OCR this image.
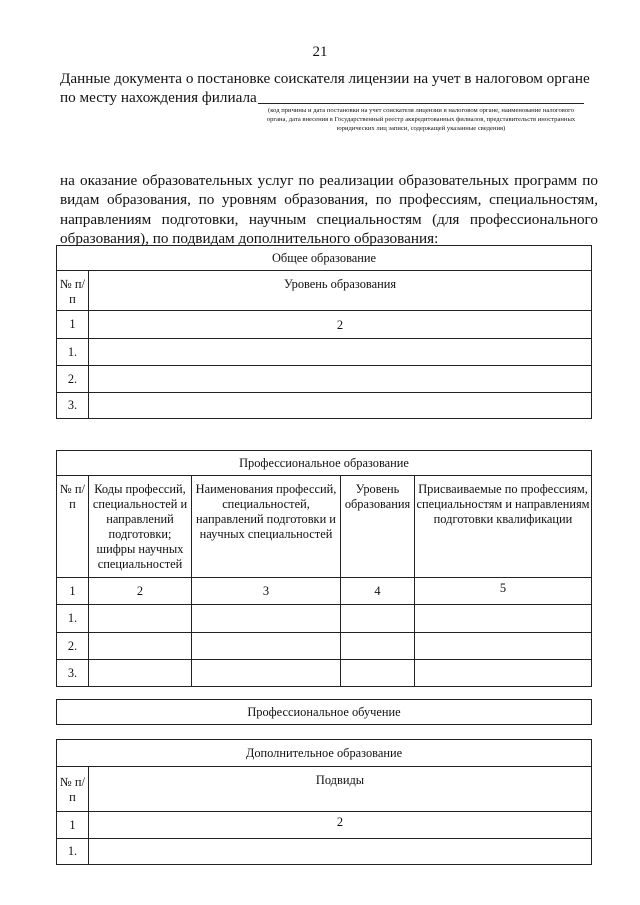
21
Данные документа о постановке соискателя лицензии на учет в налоговом органе
по месту нахождения филиала
(код причины и дата постановки на учет соискателя лицензии в налоговом органе, наименование налогового органа, дата внесения в Государственный реестр аккредитованных филиалов, представительств иностранных юридических лиц записи, содержащей указанные сведения)
на оказание образовательных услуг по реализации образовательных программ по видам образования, по уровням образования, по профессиям, специальностям, направлениям подготовки, научным специальностям (для профессионального образования), по подвидам дополнительного образования:
Общее образование	
№ п/п	Уровень образования
1	2
1.	
2.	
3.	
Профессиональное образование				
№ п/п	Коды профессий, специальностей и направлений подготовки; шифры научных специальностей	Наименования профессий, специальностей, направлений подготовки и научных специальностей	Уровень образования	Присваиваемые по профессиям, специальностям и направлениям подготовки квалификации
1	2	3	4	5
1.				
2.				
3.				
Профессиональное обучение
Дополнительное образование	
№ п/п	Подвиды
1	2
1.	
